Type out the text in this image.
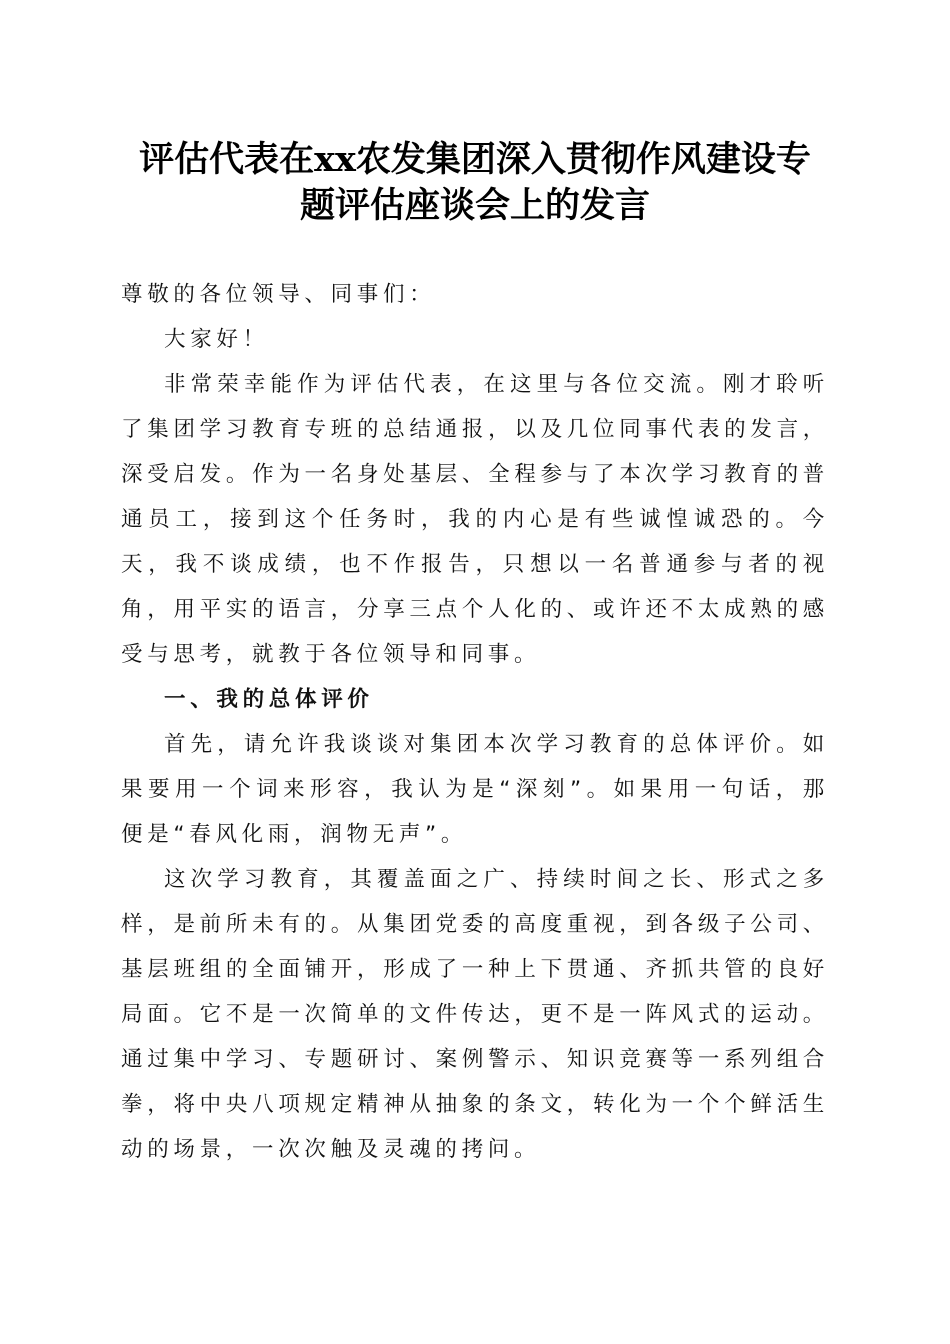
评估代表在xx农发集团深入贯彻作风建设专
题评估座谈会上的发言

尊敬的各位领导、同事们：

大家好！

非常荣幸能作为评估代表，在这里与各位交流。刚才聆听了集团学习教育专班的总结通报，以及几位同事代表的发言，深受启发。作为一名身处基层、全程参与了本次学习教育的普通员工，接到这个任务时，我的内心是有些诚惶诚恐的。今天，我不谈成绩，也不作报告，只想以一名普通参与者的视角，用平实的语言，分享三点个人化的、或许还不太成熟的感受与思考，就教于各位领导和同事。

一、我的总体评价

首先，请允许我谈谈对集团本次学习教育的总体评价。如果要用一个词来形容，我认为是“深刻”。如果用一句话，那便是“春风化雨，润物无声”。

这次学习教育，其覆盖面之广、持续时间之长、形式之多样，是前所未有的。从集团党委的高度重视，到各级子公司、基层班组的全面铺开，形成了一种上下贯通、齐抓共管的良好局面。它不是一次简单的文件传达，更不是一阵风式的运动。通过集中学习、专题研讨、案例警示、知识竞赛等一系列组合拳，将中央八项规定精神从抽象的条文，转化为一个个鲜活生动的场景，一次次触及灵魂的拷问。
